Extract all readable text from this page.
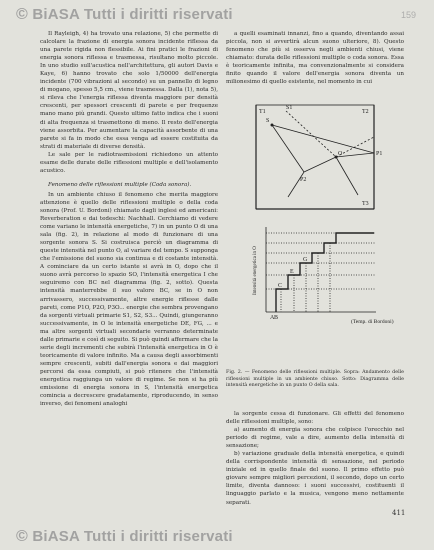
© BiASA Tutti i diritti riservati	159

Il Rayleigh, 4) ha trovato una relazione, 5) che permette di calcolare la frazione di energia sonora incidente riflessa da una parete rigida non flessibile. Ai fini pratici le frazioni di energia sonora riflessa e trasmessa, risultano molto piccole. In uno studio sull'acustica nell'architettura, gli autori Davis e Kaye, 6) hanno trovato che solo 1/50000 dell'energia incidente (700 vibrazioni al secondo) su un pannello di legno di mogano, spesso 5,5 cm., viene trasmessa. Dalla (1), nota 5), si rileva che l'energia riflessa diventa maggiore per densità crescenti, per spessori crescenti di parete e per frequenze mano mano più grandi. Questo ultimo fatto indica che i suoni di alta frequenza si trasmettono di meno. Il resto dell'energia viene assorbita. Per aumentare la capacità assorbente di una parete si fa in modo che essa venga ad essere costituita da strati di materiale di diverse densità.

Le sale per le radiotrasmissioni richiedono un attento esame delle durate delle riflessioni multiple e dell'isolamento acustico.

Fenomeno delle riflessioni multiple (Coda sonora).

In un ambiente chiuso il fenomeno che merita maggiore attenzione è quello delle riflessioni multiple o della coda sonora (Prof. U. Bordoni) chiamato dagli inglesi ed americani: Reverberation e dai tedeschi: Nachhall. Cerchiamo di vedere come variano le intensità energetiche, 7) in un punto O di una sala (fig. 2), in relazione al modo di funzionare di una sorgente sonora S. Si costruisca perciò un diagramma di queste intensità nel punto O, al variare del tempo. S supponga che l'emissione del suono sia continua e di costante intensità. A cominciare da un certo istante si avrà in O, dopo che il suono avrà percorso lo spazio SO, l'intensità energetica I che seguiremo con BC nel diagramma (fig. 2, sotto). Questa intensità manterrebbe il suo valore BC, se in O non arrivassero, successivamente, altre energie riflesse dalle pareti, come P1O, P2O, P3O... energie che sembra provengano da sorgenti virtuali primarie S1, S2, S3... Quindi, giungeranno successivamente, in O le intensità energetiche DE, FG, ... e ma altre sorgenti virtuali secondarie verranno determinate dalle primarie e così di seguito. Si può quindi affermare che la serie degli incrementi che subirà l'intensità energetica in O è teoricamente di valore infinito. Ma a causa degli assorbimenti sempre crescenti, subiti dall'energia sonora e dai maggiori percorsi da essa compiuti, si può ritenere che l'intensità energetica raggiunga un valore di regime. Se non si ha più emissione di energia sonora in S, l'intensità energetica comincia a decrescere gradatamente, riproducendo, in senso inverso, dei fenomeni analoghi

a quelli esaminati innanzi, fino a quando, diventando assai piccola, non si avvertirà alcun suono ulteriore, 8). Questo fenomeno che più si osserva negli ambienti chiusi, viene chiamato: durata delle riflessioni multiple o coda sonora. Essa è teoricamente infinita, ma convenzionalmente si considera finito quando il valore dell'energia sonora diventa un milionesimo di quello esistente, nel momento in cui

S
S1
O	P1
P2
T1	T2
T3
A B
C
E
G
Intensità energetica in O
(Temp. di Bordoni)
Fig. 2. — Fenomeno delle riflessioni multiple. Sopra: Andamento delle riflessioni multiple in un ambiente chiuso. Sotto: Diagramma delle intensità energetiche in un punto O della sala.

la sorgente cessa di funzionare. Gli effetti del fenomeno delle riflessioni multiple, sono:

a) aumento di energia sonora che colpisce l'orecchio nel periodo di regime, vale a dire, aumento della intensità di sensazione;

b) variazione graduale della intensità energetica, e quindi della corrispondente intensità di sensazione, nel periodo iniziale ed in quello finale del suono. Il primo effetto può giovare sempre migliori percezioni, il secondo, dopo un certo limite, diventa dannoso: i suoni successivi, costituenti il linguaggio parlato e la musica, vengono meno nettamente separati.

411
© BiASA Tutti i diritti riservati
